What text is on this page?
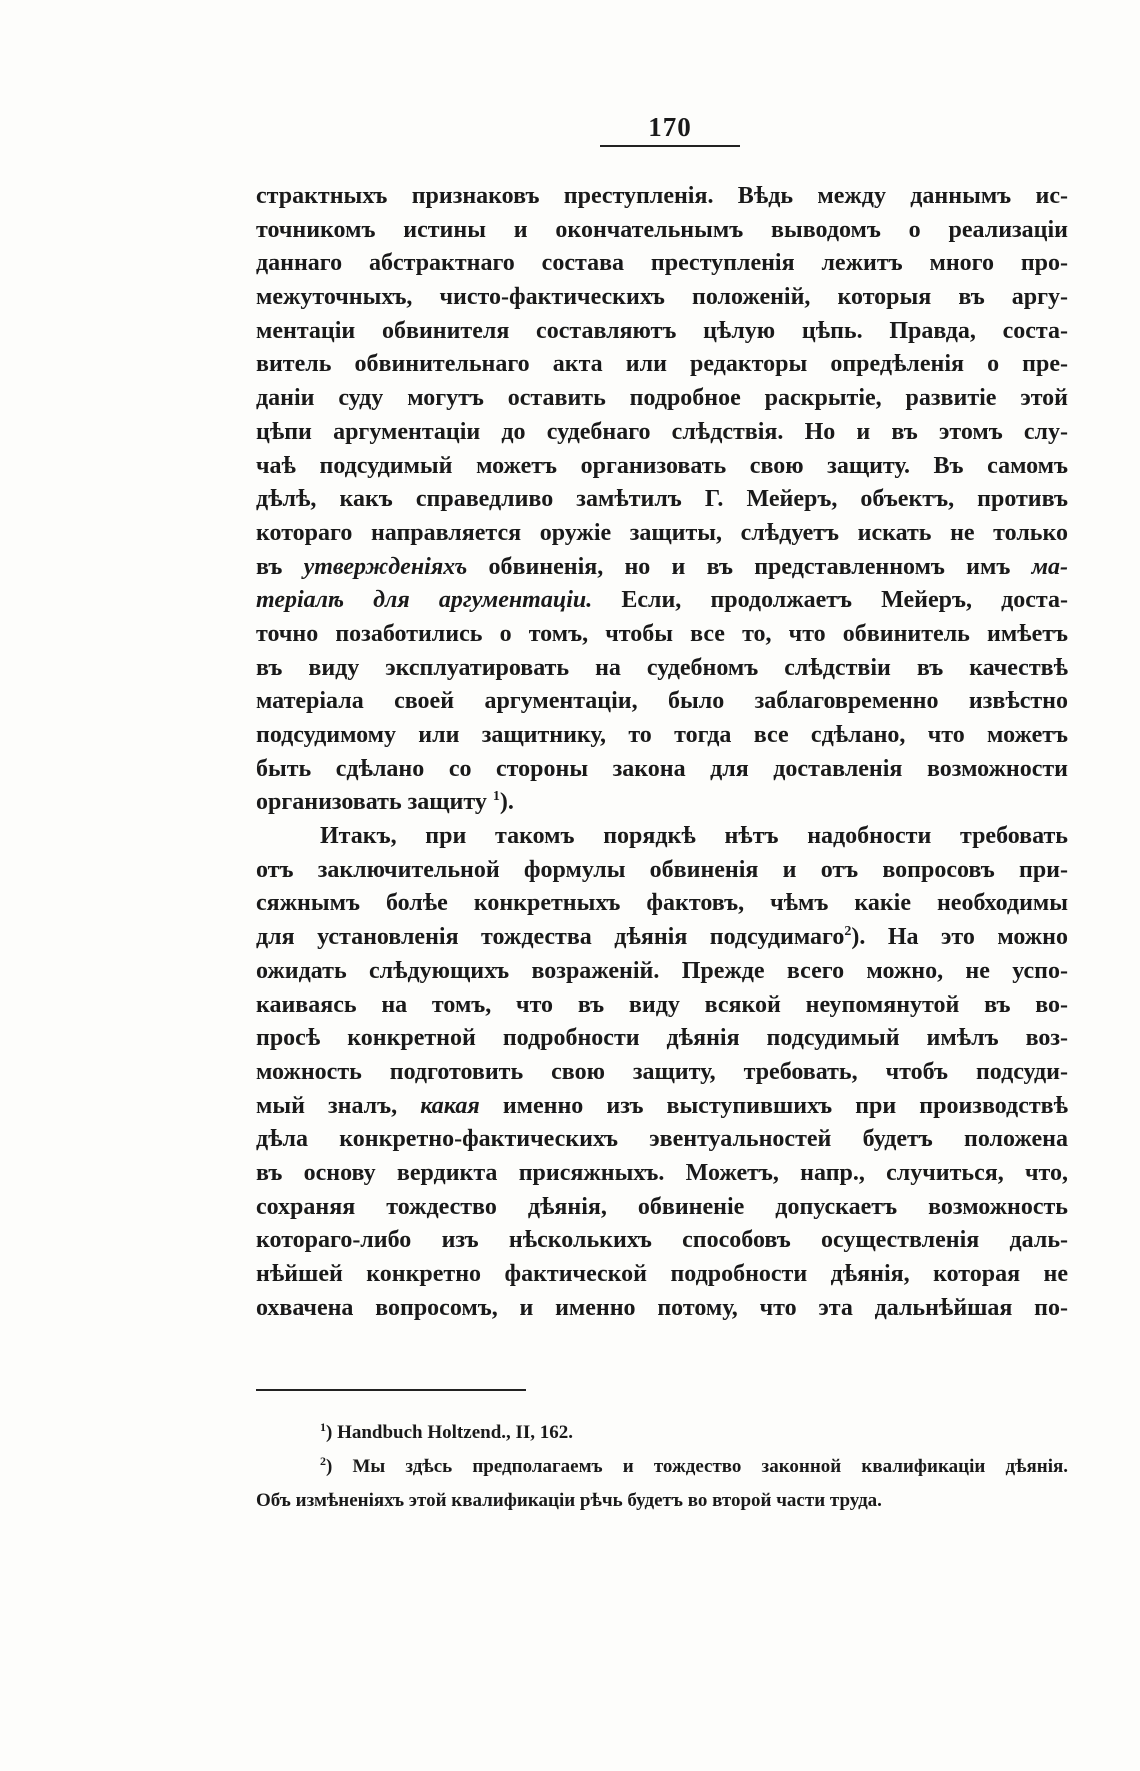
170
страктныхъ признаковъ преступленія. Вѣдь между даннымъ ис-
точникомъ истины и окончательнымъ выводомъ о реализаціи
даннаго абстрактнаго состава преступленія лежитъ много про-
межуточныхъ, чисто-фактическихъ положеній, которыя въ аргу-
ментаціи обвинителя составляютъ цѣлую цѣпь. Правда, соста-
витель обвинительнаго акта или редакторы опредѣленія о пре-
даніи суду могутъ оставить подробное раскрытіе, развитіе этой
цѣпи аргументаціи до судебнаго слѣдствія. Но и въ этомъ слу-
чаѣ подсудимый можетъ организовать свою защиту. Въ самомъ
дѣлѣ, какъ справедливо замѣтилъ Г. Мейеръ, объектъ, противъ
котораго направляется оружіе защиты, слѣдуетъ искать не только
въ утвержденіяхъ обвиненія, но и въ представленномъ имъ ма-
теріалѣ для аргументаціи. Если, продолжаетъ Мейеръ, доста-
точно позаботились о томъ, чтобы все то, что обвинитель имѣетъ
въ виду эксплуатировать на судебномъ слѣдствіи въ качествѣ
матеріала своей аргументаціи, было заблаговременно извѣстно
подсудимому или защитнику, то тогда все сдѣлано, что можетъ
быть сдѣлано со стороны закона для доставленія возможности
организовать защиту $^1$).
Итакъ, при такомъ порядкѣ нѣтъ надобности требовать
отъ заключительной формулы обвиненія и отъ вопросовъ при-
сяжнымъ болѣе конкретныхъ фактовъ, чѣмъ какіе необходимы
для установленія тождества дѣянія подсудимаго$^2$). На это можно
ожидать слѣдующихъ возраженій. Прежде всего можно, не успо-
каиваясь на томъ, что въ виду всякой неупомянутой въ во-
просѣ конкретной подробности дѣянія подсудимый имѣлъ воз-
можность подготовить свою защиту, требовать, чтобъ подсуди-
мый зналъ, какая именно изъ выступившихъ при производствѣ
дѣла конкретно-фактическихъ эвентуальностей будетъ положена
въ основу вердикта присяжныхъ. Можетъ, напр., случиться, что,
сохраняя тождество дѣянія, обвиненіе допускаетъ возможность
котораго-либо изъ нѣсколькихъ способовъ осуществленія даль-
нѣйшей конкретно фактической подробности дѣянія, которая не
охвачена вопросомъ, и именно потому, что эта дальнѣйшая по-
$^1$) Handbuch Holtzend., II, 162.
$^2$) Мы здѣсь предполагаемъ и тождество законной квалификаціи дѣянія.
Объ измѣненіяхъ этой квалификаціи рѣчь будетъ во второй части труда.
